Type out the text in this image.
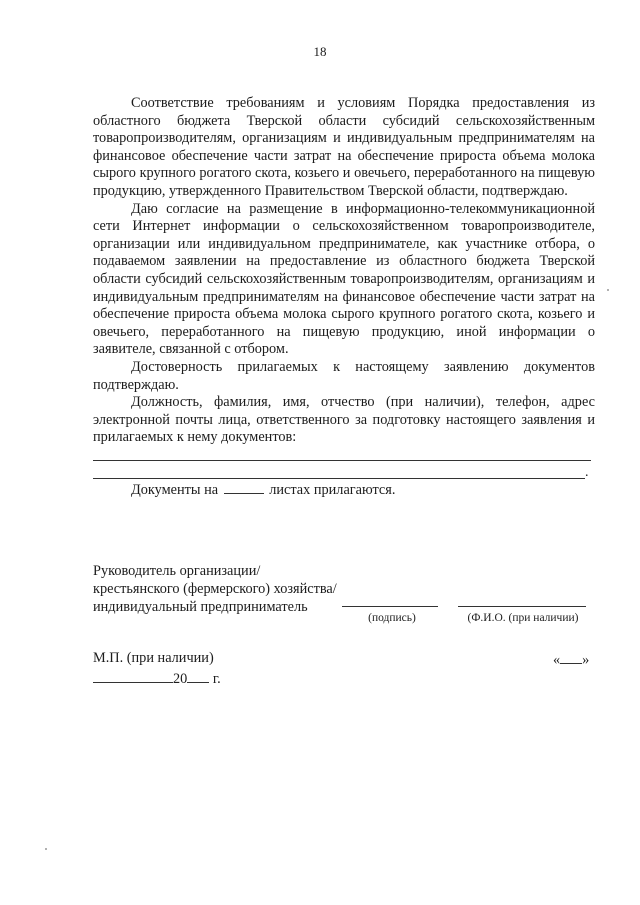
18

Соответствие требованиям и условиям Порядка предоставления из областного бюджета Тверской области субсидий сельскохозяйственным товаропроизводителям, организациям и индивидуальным предпринимателям на финансовое обеспечение части затрат на обеспечение прироста объема молока сырого крупного рогатого скота, козьего и овечьего, переработанного на пищевую продукцию, утвержденного Правительством Тверской области, подтверждаю.

Даю согласие на размещение в информационно-телекоммуникационной сети Интернет информации о сельскохозяйственном товаропроизводителе, организации или индивидуальном предпринимателе, как участнике отбора, о подаваемом заявлении на предоставление из областного бюджета Тверской области субсидий сельскохозяйственным товаропроизводителям, организациям и индивидуальным предпринимателям на финансовое обеспечение части затрат на обеспечение прироста объема молока сырого крупного рогатого скота, козьего и овечьего, переработанного на пищевую продукцию, иной информации о заявителе, связанной с отбором.

Достоверность прилагаемых к настоящему заявлению документов подтверждаю.

Должность, фамилия, имя, отчество (при наличии), телефон, адрес электронной почты лица, ответственного за подготовку настоящего заявления и прилагаемых к нему документов:

.

Документы на	листах прилагаются.

Руководитель организации/
крестьянского (фермерского) хозяйства/
индивидуальный предприниматель
(подпись)	(Ф.И.О. (при наличии)
М.П. (при наличии)	« »
20 г.
